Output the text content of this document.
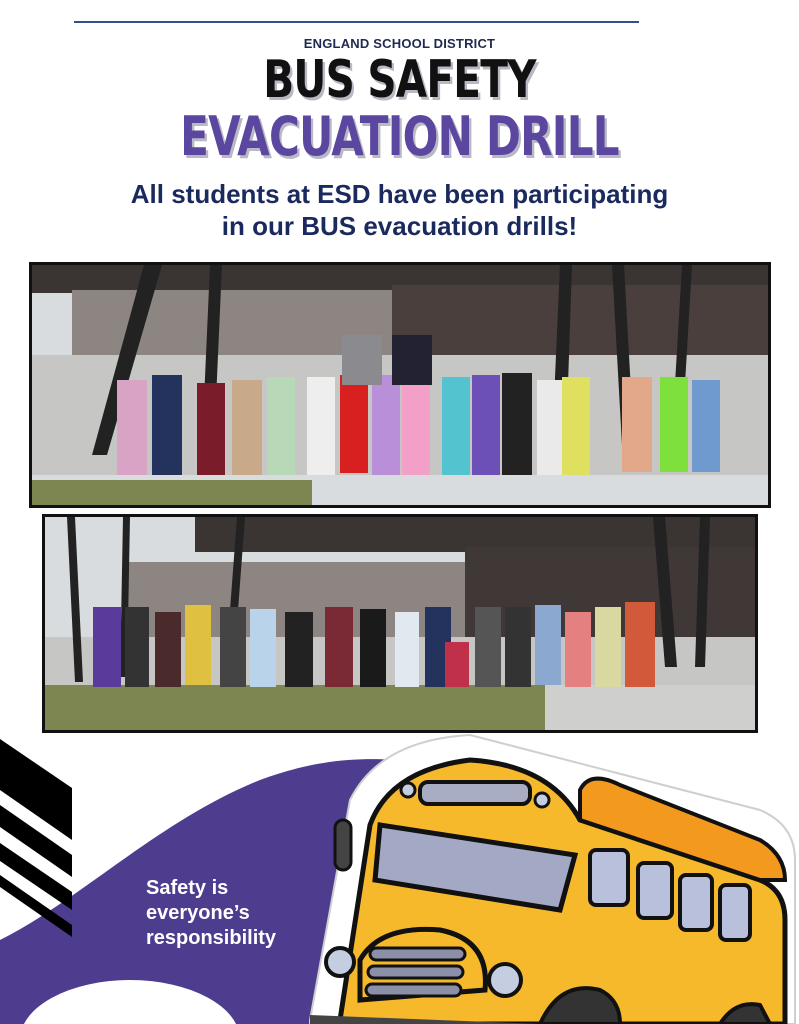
ENGLAND SCHOOL DISTRICT
BUS SAFETY
EVACUATION DRILL
All students at ESD have been participating
in our BUS evacuation drills!
Safety is
everyone’s
responsibility
